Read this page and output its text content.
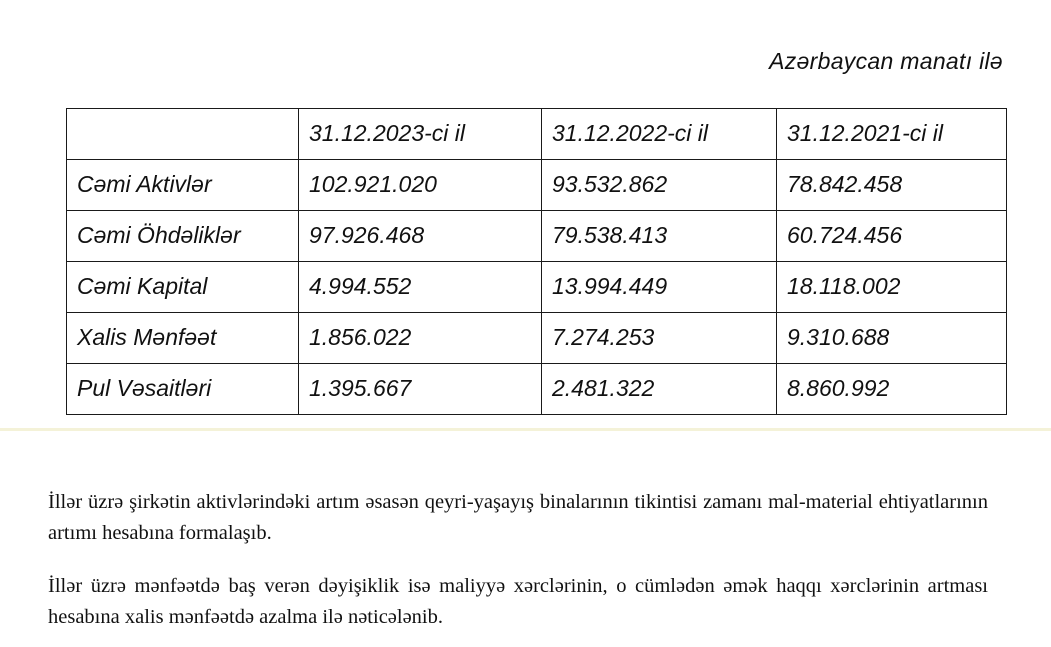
Azərbaycan manatı ilə
	31.12.2023-ci il	31.12.2022-ci il	31.12.2021-ci il
Cəmi Aktivlər	102.921.020	93.532.862	78.842.458
Cəmi Öhdəliklər	97.926.468	79.538.413	60.724.456
Cəmi Kapital	4.994.552	13.994.449	18.118.002
Xalis Mənfəət	1.856.022	7.274.253	9.310.688
Pul Vəsaitləri	1.395.667	2.481.322	8.860.992

İllər üzrə şirkətin aktivlərindəki artım əsasən qeyri-yaşayış binalarının tikintisi zamanı mal-material ehtiyatlarının artımı hesabına formalaşıb.

İllər üzrə mənfəətdə baş verən dəyişiklik isə maliyyə xərclərinin, o cümlədən əmək haqqı xərclərinin artması hesabına xalis mənfəətdə azalma ilə nəticələnib.
